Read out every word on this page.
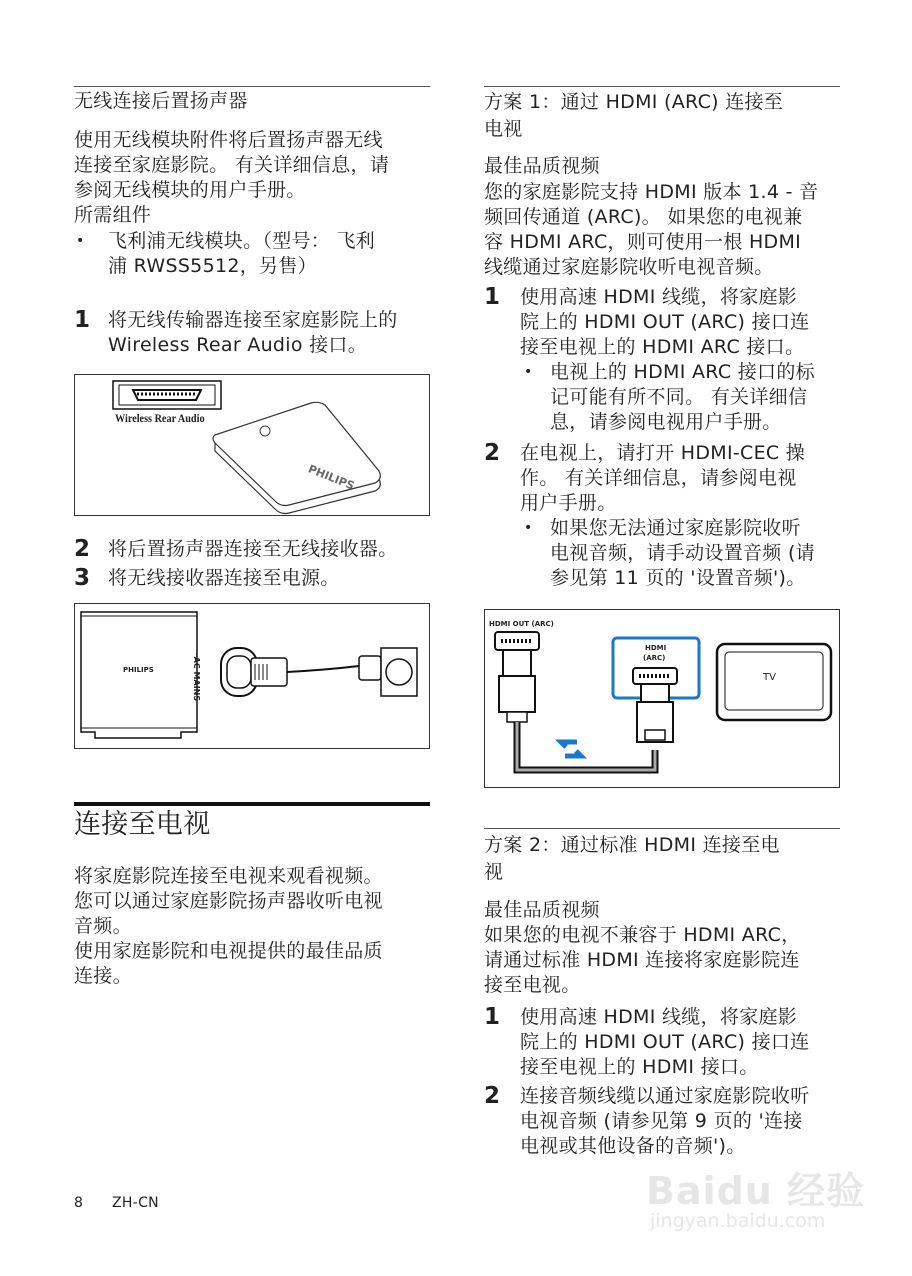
无线连接后置扬声器
使用无线模块附件将后置扬声器无线
连接至家庭影院。 有关详细信息，请
参阅无线模块的用户手册。
所需组件
• 飞利浦无线模块。（型号： 飞利
浦 RWSS5512，另售）
1 将无线传输器连接至家庭影院上的
Wireless Rear Audio 接口。
Wireless Rear Audio
PHILIPS
2 将后置扬声器连接至无线接收器。
3 将无线接收器连接至电源。
PHILIPS	~AC MAINS
连接至电视
将家庭影院连接至电视来观看视频。
您可以通过家庭影院扬声器收听电视
音频。
使用家庭影院和电视提供的最佳品质
连接。
8 ZH-CN
方案 1：通过 HDMI (ARC) 连接至
电视
最佳品质视频
您的家庭影院支持 HDMI 版本 1.4 - 音
频回传通道 (ARC)。 如果您的电视兼
容 HDMI ARC，则可使用一根 HDMI
线缆通过家庭影院收听电视音频。
1 使用高速 HDMI 线缆，将家庭影
院上的 HDMI OUT (ARC) 接口连
接至电视上的 HDMI ARC 接口。
• 电视上的 HDMI ARC 接口的标
记可能有所不同。 有关详细信
息，请参阅电视用户手册。
2 在电视上，请打开 HDMI-CEC 操
作。 有关详细信息，请参阅电视
用户手册。
• 如果您无法通过家庭影院收听
电视音频，请手动设置音频 (请
参见第 11 页的 '设置音频')。
HDMI OUT (ARC)
HDMI
(ARC)
TV
方案 2：通过标准 HDMI 连接至电
视
最佳品质视频
如果您的电视不兼容于 HDMI ARC，
请通过标准 HDMI 连接将家庭影院连
接至电视。
1 使用高速 HDMI 线缆，将家庭影
院上的 HDMI OUT (ARC) 接口连
接至电视上的 HDMI 接口。
2 连接音频线缆以通过家庭影院收听
电视音频 (请参见第 9 页的 '连接
电视或其他设备的音频')。
Baidu 经验
jingyan.baidu.com
